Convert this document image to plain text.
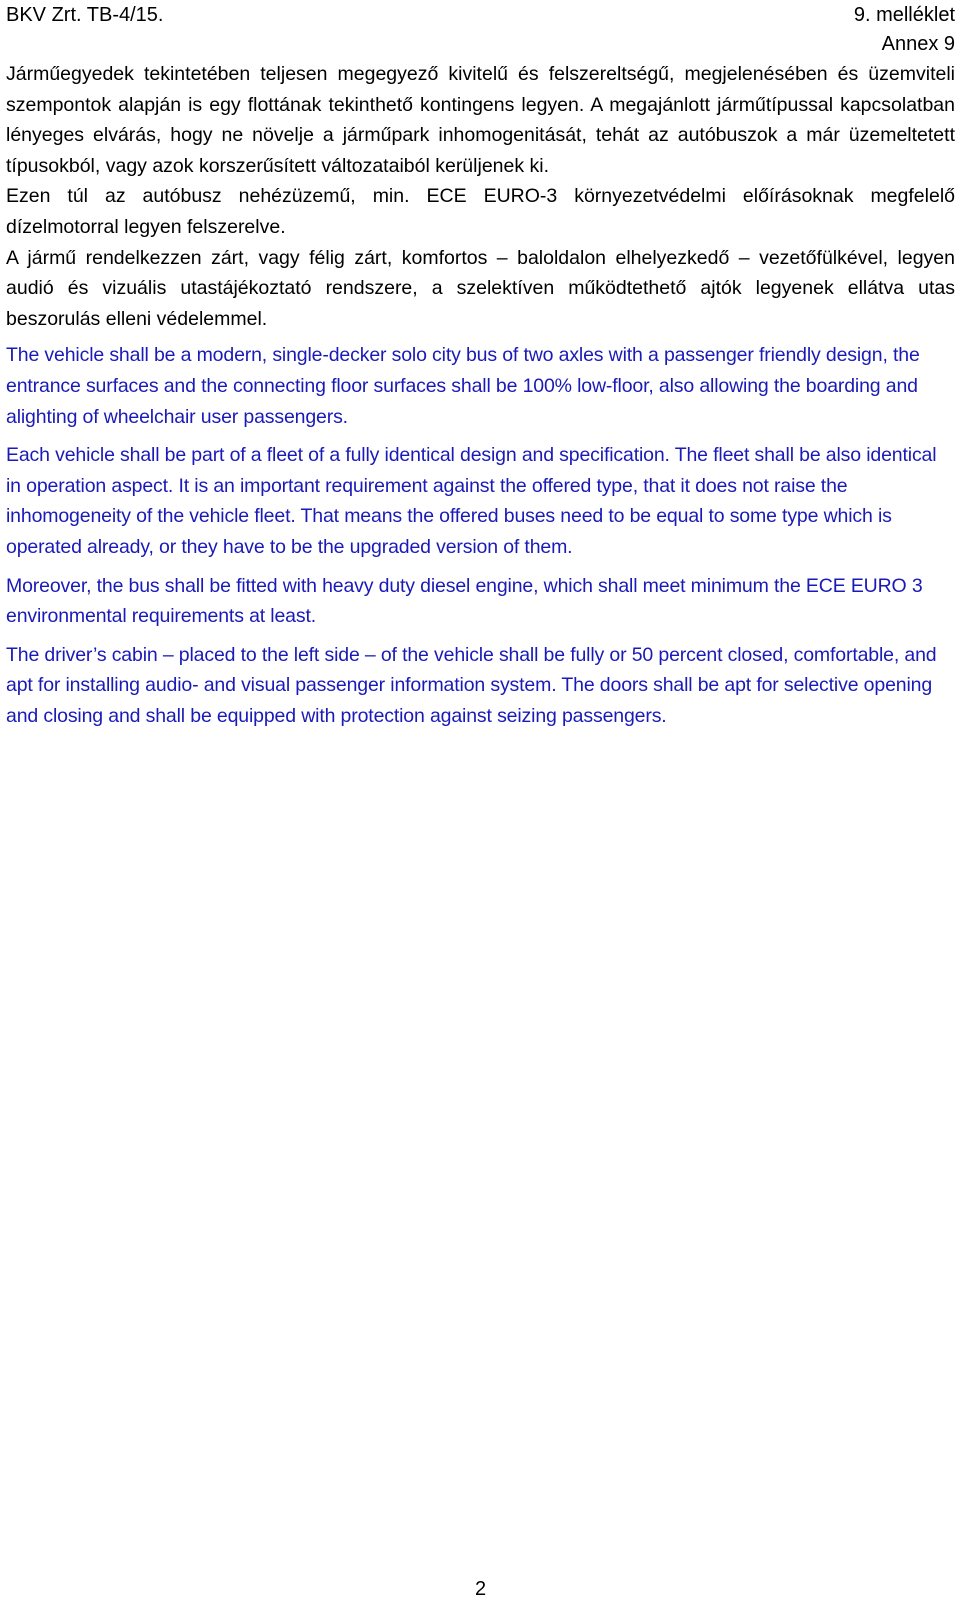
BKV Zrt. TB-4/15.	9. melléklet
Annex 9

Járműegyedek tekintetében teljesen megegyező kivitelű és felszereltségű, megjelenésében és üzemviteli szempontok alapján is egy flottának tekinthető kontingens legyen. A megajánlott járműtípussal kapcsolatban lényeges elvárás, hogy ne növelje a járműpark inhomogenitását, tehát az autóbuszok a már üzemeltetett típusokból, vagy azok korszerűsített változataiból kerüljenek ki.

Ezen túl az autóbusz nehézüzemű, min. ECE EURO-3 környezetvédelmi előírásoknak megfelelő dízelmotorral legyen felszerelve.

A jármű rendelkezzen zárt, vagy félig zárt, komfortos – baloldalon elhelyezkedő – vezetőfülkével, legyen audió és vizuális utastájékoztató rendszere, a szelektíven működtethető ajtók legyenek ellátva utas beszorulás elleni védelemmel.

The vehicle shall be a modern, single-decker solo city bus of two axles with a passenger friendly design, the entrance surfaces and the connecting floor surfaces shall be 100% low-floor, also allowing the boarding and alighting of wheelchair user passengers.

Each vehicle shall be part of a fleet of a fully identical design and specification. The fleet shall be also identical in operation aspect. It is an important requirement against the offered type, that it does not raise the inhomogeneity of the vehicle fleet. That means the offered buses need to be equal to some type which is operated already, or they have to be the upgraded version of them.

Moreover, the bus shall be fitted with heavy duty diesel engine, which shall meet minimum the ECE EURO 3 environmental requirements at least.

The driver’s cabin – placed to the left side – of the vehicle shall be fully or 50 percent closed, comfortable, and apt for installing audio- and visual passenger information system. The doors shall be apt for selective opening and closing and shall be equipped with protection against seizing passengers.

2
